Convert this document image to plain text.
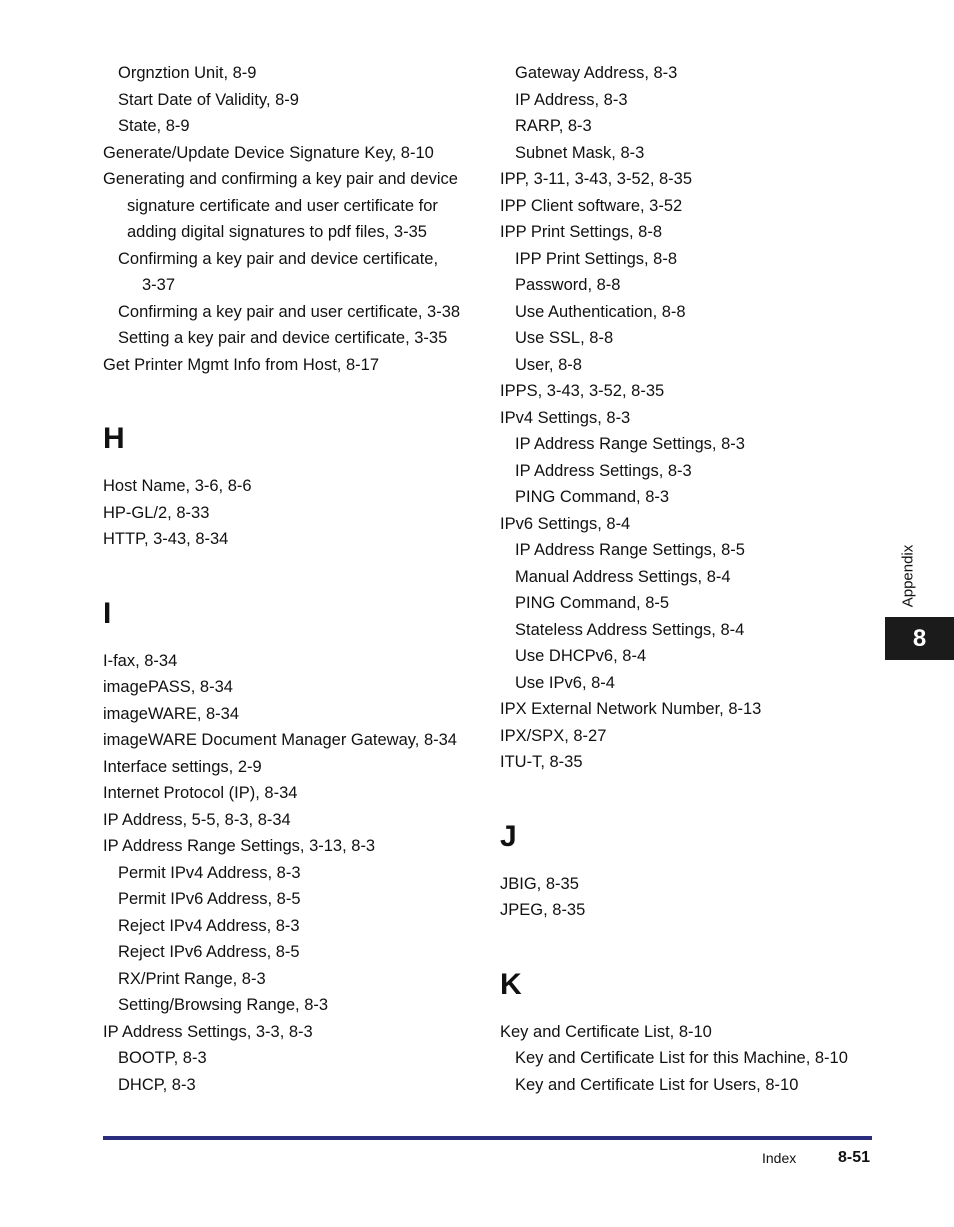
Orgnztion Unit, 8-9
Start Date of Validity, 8-9
State, 8-9
Generate/Update Device Signature Key, 8-10
Generating and confirming a key pair and device
signature certificate and user certificate for
adding digital signatures to pdf files, 3-35
Confirming a key pair and device certificate,
3-37
Confirming a key pair and user certificate, 3-38
Setting a key pair and device certificate, 3-35
Get Printer Mgmt Info from Host, 8-17
H
Host Name, 3-6, 8-6
HP-GL/2, 8-33
HTTP, 3-43, 8-34
I
I-fax, 8-34
imagePASS, 8-34
imageWARE, 8-34
imageWARE Document Manager Gateway, 8-34
Interface settings, 2-9
Internet Protocol (IP), 8-34
IP Address, 5-5, 8-3, 8-34
IP Address Range Settings, 3-13, 8-3
Permit IPv4 Address, 8-3
Permit IPv6 Address, 8-5
Reject IPv4 Address, 8-3
Reject IPv6 Address, 8-5
RX/Print Range, 8-3
Setting/Browsing Range, 8-3
IP Address Settings, 3-3, 8-3
BOOTP, 8-3
DHCP, 8-3
Gateway Address, 8-3
IP Address, 8-3
RARP, 8-3
Subnet Mask, 8-3
IPP, 3-11, 3-43, 3-52, 8-35
IPP Client software, 3-52
IPP Print Settings, 8-8
IPP Print Settings, 8-8
Password, 8-8
Use Authentication, 8-8
Use SSL, 8-8
User, 8-8
IPPS, 3-43, 3-52, 8-35
IPv4 Settings, 8-3
IP Address Range Settings, 8-3
IP Address Settings, 8-3
PING Command, 8-3
IPv6 Settings, 8-4
IP Address Range Settings, 8-5
Manual Address Settings, 8-4
PING Command, 8-5
Stateless Address Settings, 8-4
Use DHCPv6, 8-4
Use IPv6, 8-4
IPX External Network Number, 8-13
IPX/SPX, 8-27
ITU-T, 8-35
J
JBIG, 8-35
JPEG, 8-35
K
Key and Certificate List, 8-10
Key and Certificate List for this Machine, 8-10
Key and Certificate List for Users, 8-10
Appendix
8
Index	8-51
